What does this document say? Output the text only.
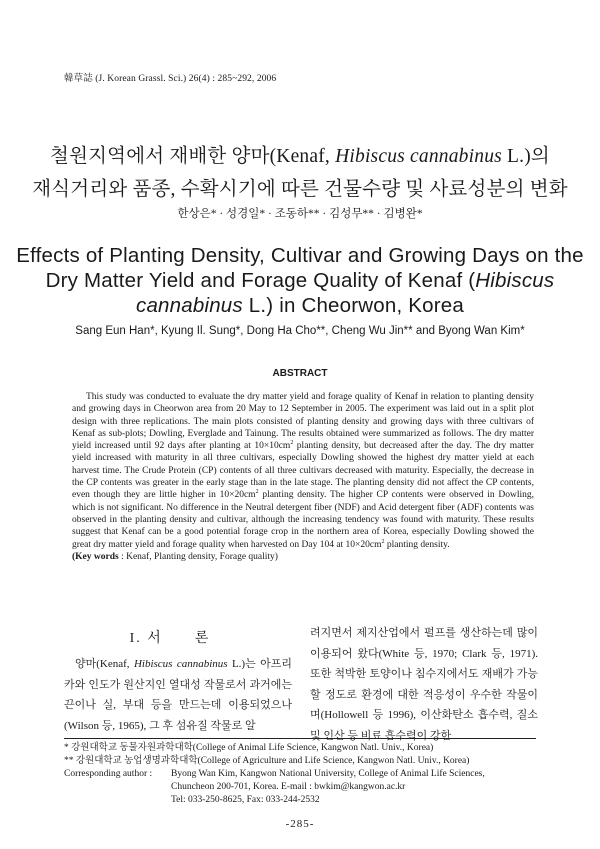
韓草誌 (J. Korean Grassl. Sci.) 26(4) : 285~292, 2006
철원지역에서 재배한 양마(Kenaf, Hibiscus cannabinus L.)의
재식거리와 품종, 수확시기에 따른 건물수량 및 사료성분의 변화
한상은* · 성경일* · 조동하** · 김성무** · 김병완*
Effects of Planting Density, Cultivar and Growing Days on the
Dry Matter Yield and Forage Quality of Kenaf (Hibiscus
cannabinus L.) in Cheorwon, Korea
Sang Eun Han*, Kyung Il. Sung*, Dong Ha Cho**, Cheng Wu Jin** and Byong Wan Kim*
ABSTRACT

This study was conducted to evaluate the dry matter yield and forage quality of Kenaf in relation to planting density and growing days in Cheorwon area from 20 May to 12 September in 2005. The experiment was laid out in a split plot design with three replications. The main plots consisted of planting density and growing days with three cultivars of Kenaf as sub-plots; Dowling, Everglade and Tainung. The results obtained were summarized as follows. The dry matter yield increased until 92 days after planting at $10\times 10cm^2$ planting density, but decreased after the day. The dry matter yield increased with maturity in all three cultivars, especially Dowling showed the highest dry matter yield at each harvest time. The Crude Protein (CP) contents of all three cultivars decreased with maturity. Especially, the decrease in the CP contents was greater in the early stage than in the late stage. The planting density did not affect the CP contents, even though they are little higher in $10\times 20cm^2$ planting density. The higher CP contents were observed in Dowling, which is not significant. No difference in the Neutral detergent fiber (NDF) and Acid detergent fiber (ADF) contents was observed in the planting density and cultivar, although the increasing tendency was found with maturity. These results suggest that Kenaf can be a good potential forage crop in the northern area of Korea, especially Dowling showed the great dry matter yield and forage quality when harvested on Day 104 at $10\times 20cm^2$ planting density.

(Key words : Kenaf, Planting density, Forage quality)

I. 서　　론
양마(Kenaf, Hibiscus cannabinus L.)는 아프리카와 인도가 원산지인 열대성 작물로서 과거에는 끈이나 실, 부대 등을 만드는데 이용되었으나(Wilson 등, 1965), 그 후 섬유질 작물로 알
려지면서 제지산업에서 펄프를 생산하는데 많이 이용되어 왔다(White 등, 1970; Clark 등, 1971). 또한 척박한 토양이나 침수지에서도 재배가 가능할 정도로 환경에 대한 적응성이 우수한 작물이며(Hollowell 등 1996), 이산화탄소 흡수력, 질소 및 인산 등 비료 흡수력이 강한
* 강원대학교 동물자원과학대학(College of Animal Life Science, Kangwon Natl. Univ., Korea)
** 강원대학교 농업생명과학대학(College of Agriculture and Life Science, Kangwon Natl. Univ., Korea)
Corresponding author :	Byong Wan Kim, Kangwon National University, College of Animal Life Sciences,
Chuncheon 200-701, Korea. E-mail : bwkim@kangwon.ac.kr
Tel: 033-250-8625, Fax: 033-244-2532
-285-
